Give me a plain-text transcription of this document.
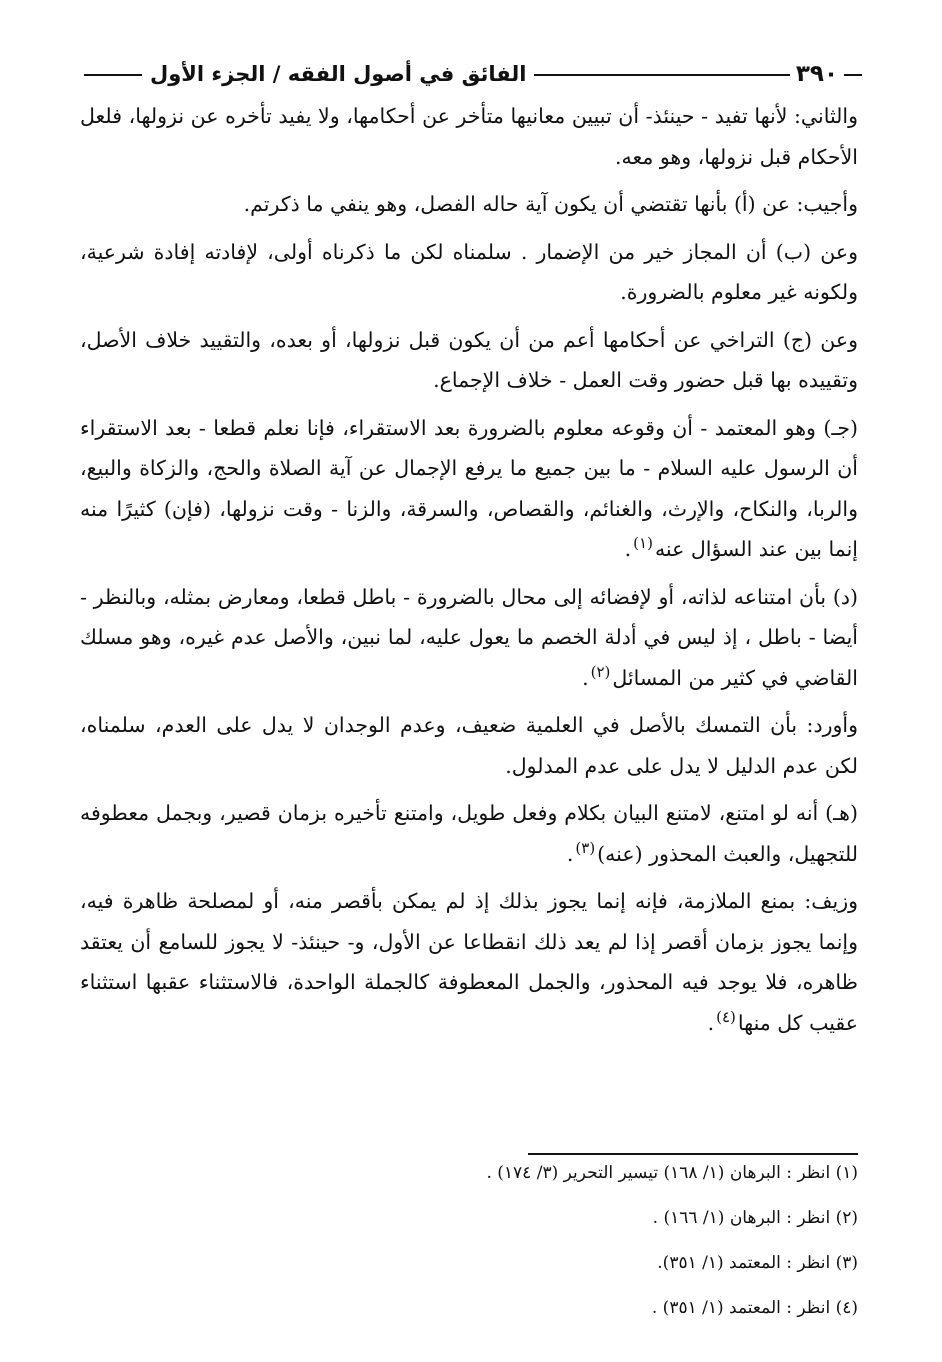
٣٩٠
الفائق في أصول الفقه / الجزء الأول

والثاني: لأنها تفيد - حينئذ- أن تبيين معانيها متأخر عن أحكامها، ولا يفيد تأخره عن نزولها، فلعل الأحكام قبل نزولها، وهو معه.

وأجيب: عن (أ) بأنها تقتضي أن يكون آية حاله الفصل، وهو ينفي ما ذكرتم.

وعن (ب) أن المجاز خير من الإضمار . سلمناه لكن ما ذكرناه أولى، لإفادته إفادة شرعية، ولكونه غير معلوم بالضرورة.

وعن (ج) التراخي عن أحكامها أعم من أن يكون قبل نزولها، أو بعده، والتقييد خلاف الأصل، وتقييده بها قبل حضور وقت العمل - خلاف الإجماع.

(جـ) وهو المعتمد - أن وقوعه معلوم بالضرورة بعد الاستقراء، فإنا نعلم قطعا - بعد الاستقراء أن الرسول عليه السلام - ما بين جميع ما يرفع الإجمال عن آية الصلاة والحج، والزكاة والبيع، والربا، والنكاح، والإرث، والغنائم، والقصاص، والسرقة، والزنا - وقت نزولها، (فإن) كثيرًا منه إنما بين عند السؤال عنه$^{(١)}$.

(د) بأن امتناعه لذاته، أو لإفضائه إلى محال بالضرورة - باطل قطعا، ومعارض بمثله، وبالنظر - أيضا - باطل ، إذ ليس في أدلة الخصم ما يعول عليه، لما نبين، والأصل عدم غيره، وهو مسلك القاضي في كثير من المسائل$^{(٢)}$.

وأورد: بأن التمسك بالأصل في العلمية ضعيف، وعدم الوجدان لا يدل على العدم، سلمناه، لكن عدم الدليل لا يدل على عدم المدلول.

(هـ) أنه لو امتنع، لامتنع البيان بكلام وفعل طويل، وامتنع تأخيره بزمان قصير، وبجمل معطوفه للتجهيل، والعبث المحذور (عنه)$^{(٣)}$.

وزيف: بمنع الملازمة، فإنه إنما يجوز بذلك إذ لم يمكن بأقصر منه، أو لمصلحة ظاهرة فيه، وإنما يجوز بزمان أقصر إذا لم يعد ذلك انقطاعا عن الأول، و- حينئذ- لا يجوز للسامع أن يعتقد ظاهره، فلا يوجد فيه المحذور، والجمل المعطوفة كالجملة الواحدة، فالاستثناء عقبها استثناء عقيب كل منها$^{(٤)}$.

(١) انظر : البرهان (١/ ١٦٨) تيسير التحرير (٣/ ١٧٤) .
(٢) انظر : البرهان (١/ ١٦٦) .
(٣) انظر : المعتمد (١/ ٣٥١).
(٤) انظر : المعتمد (١/ ٣٥١) .
